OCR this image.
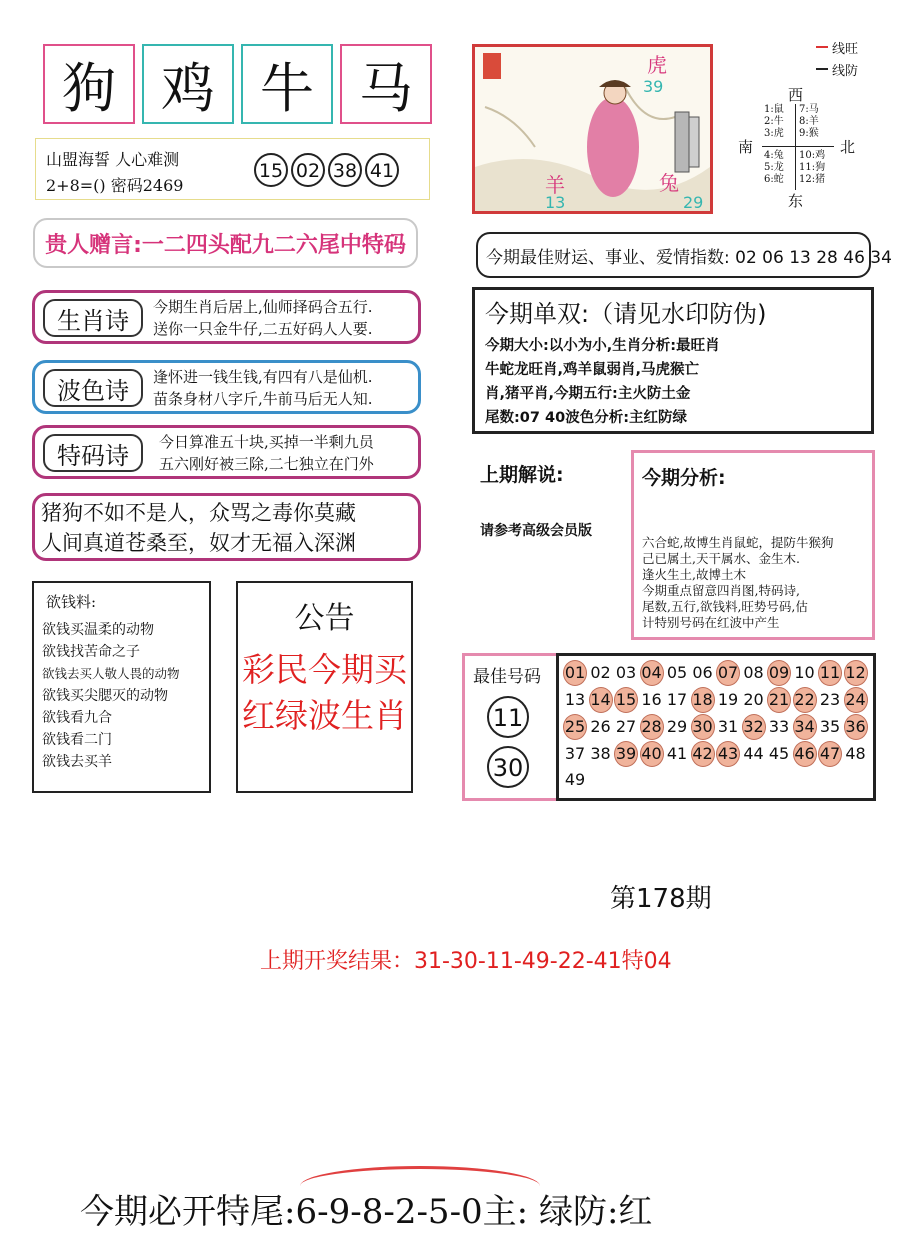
狗 鸡 牛 马
山盟海誓 人心难测
2+8=() 密码2469
15 02 38 41
贵人赠言:一二四头配九二六尾中特码
生肖诗	今期生肖后居上,仙师择码合五行.
送你一只金牛仔,二五好码人人要.
波色诗	逢怀进一钱生钱,有四有八是仙机.
苗条身材八字斤,牛前马后无人知.
特码诗	今日算准五十块,买掉一半剩九员
五六刚好被三除,二七独立在门外
猪狗不如不是人，众骂之毒你莫藏
人间真道苍桑至，奴才无福入深渊
欲钱料:
欲钱买温柔的动物
欲钱找苦命之子
欲钱去买人敬人畏的动物
欲钱买尖腮灭的动物
欲钱看九合
欲钱看二门
欲钱去买羊
公告
彩民今期买
红绿波生肖
虎
39
羊
13
兔
29
线旺
线防
西
南	北
东
1:鼠
2:牛
3:虎
7:马
8:羊
9:猴
4:兔
5:龙
6:蛇
10:鸡
11:狗
12:猪
今期最佳财运、事业、爱情指数: 02 06 13 28 46 34
今期单双:（请见水印防伪)
今期大小:以小为小,生肖分析:最旺肖
牛蛇龙旺肖,鸡羊鼠弱肖,马虎猴亡
肖,猪平肖,今期五行:主火防土金
尾数:07 40波色分析:主红防绿
上期解说:
请参考高级会员版
今期分析:
六合蛇,故博生肖鼠蛇，提防牛猴狗
己已属土,天干属水、金生木.
逢火生土,故博土木
今期重点留意四肖图,特码诗,
尾数,五行,欲钱料,旺势号码,估
计特别号码在红波中产生
最佳号码
11 30
01 02 03 04 05 06 07 08 09 10 11 12
13 14 15 16 17 18 19 20 21 22 23 24
25 26 27 28 29 30 31 32 33 34 35 36
37 38 39 40 41 42 43 44 45 46 47 48
49
第178期
上期开奖结果：31-30-11-49-22-41特04
今期必开特尾:6-9-8-2-5-0主: 绿防:红
